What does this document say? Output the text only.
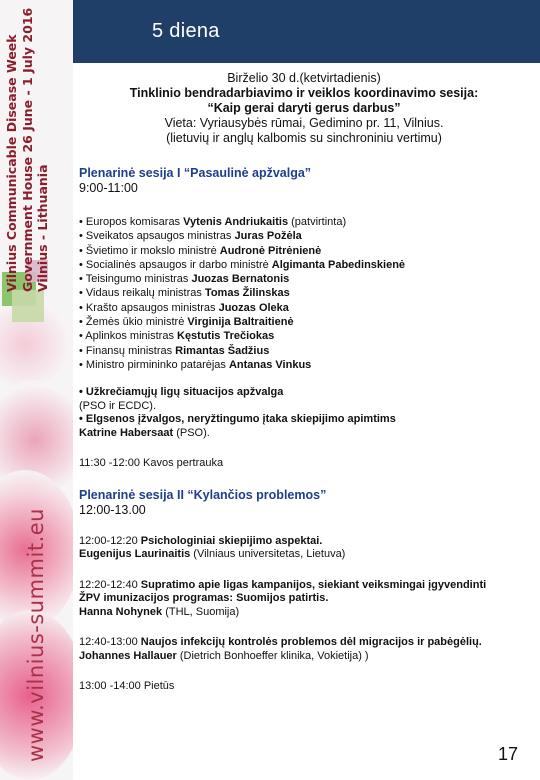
Vilnius Communicable Disease Week Government House 26 June - 1 July 2016 Vilnius - Lithuania
www.vilnius-summit.eu
5 diena
Birželio 30 d.(ketvirtadienis)
Tinklinio bendradarbiavimo ir veiklos koordinavimo sesija:
“Kaip gerai daryti gerus darbus”
Vieta: Vyriausybės rūmai, Gedimino pr. 11, Vilnius.
(lietuvių ir anglų kalbomis su sinchroniniu vertimu)
Plenarinė sesija I “Pasaulinė apžvalga”
9:00-11:00
• Europos komisaras Vytenis Andriukaitis (patvirtinta)
• Sveikatos apsaugos ministras Juras Požėla
• Švietimo ir mokslo ministrė Audronė Pitrėnienė
• Socialinės apsaugos ir darbo ministrė Algimanta Pabedinskienė
• Teisingumo ministras Juozas Bernatonis
• Vidaus reikalų ministras Tomas Žilinskas
• Krašto apsaugos ministras Juozas Oleka
• Žemės ūkio ministrė Virginija Baltraitienė
• Aplinkos ministras Kęstutis Trečiokas
• Finansų ministras Rimantas Šadžius
• Ministro pirmininko patarėjas Antanas Vinkus
• Užkrečiamųjų ligų situacijos apžvalga
(PSO ir ECDC).
• Elgsenos įžvalgos, neryžtingumo įtaka skiepijimo apimtims
Katrine Habersaat (PSO).
11:30 -12:00 Kavos pertrauka
Plenarinė sesija II “Kylančios problemos”
12:00-13.00
12:00-12:20 Psichologiniai skiepijimo aspektai.
Eugenijus Laurinaitis (Vilniaus universitetas, Lietuva)
12:20-12:40 Supratimo apie ligas kampanijos, siekiant veiksmingai įgyvendinti
ŽPV imunizacijos programas: Suomijos patirtis.
Hanna Nohynek (THL, Suomija)
12:40-13:00 Naujos infekcijų kontrolės problemos dėl migracijos ir pabėgėlių.
Johannes Hallauer (Dietrich Bonhoeffer klinika, Vokietija) )
13:00 -14:00 Pietūs
17
